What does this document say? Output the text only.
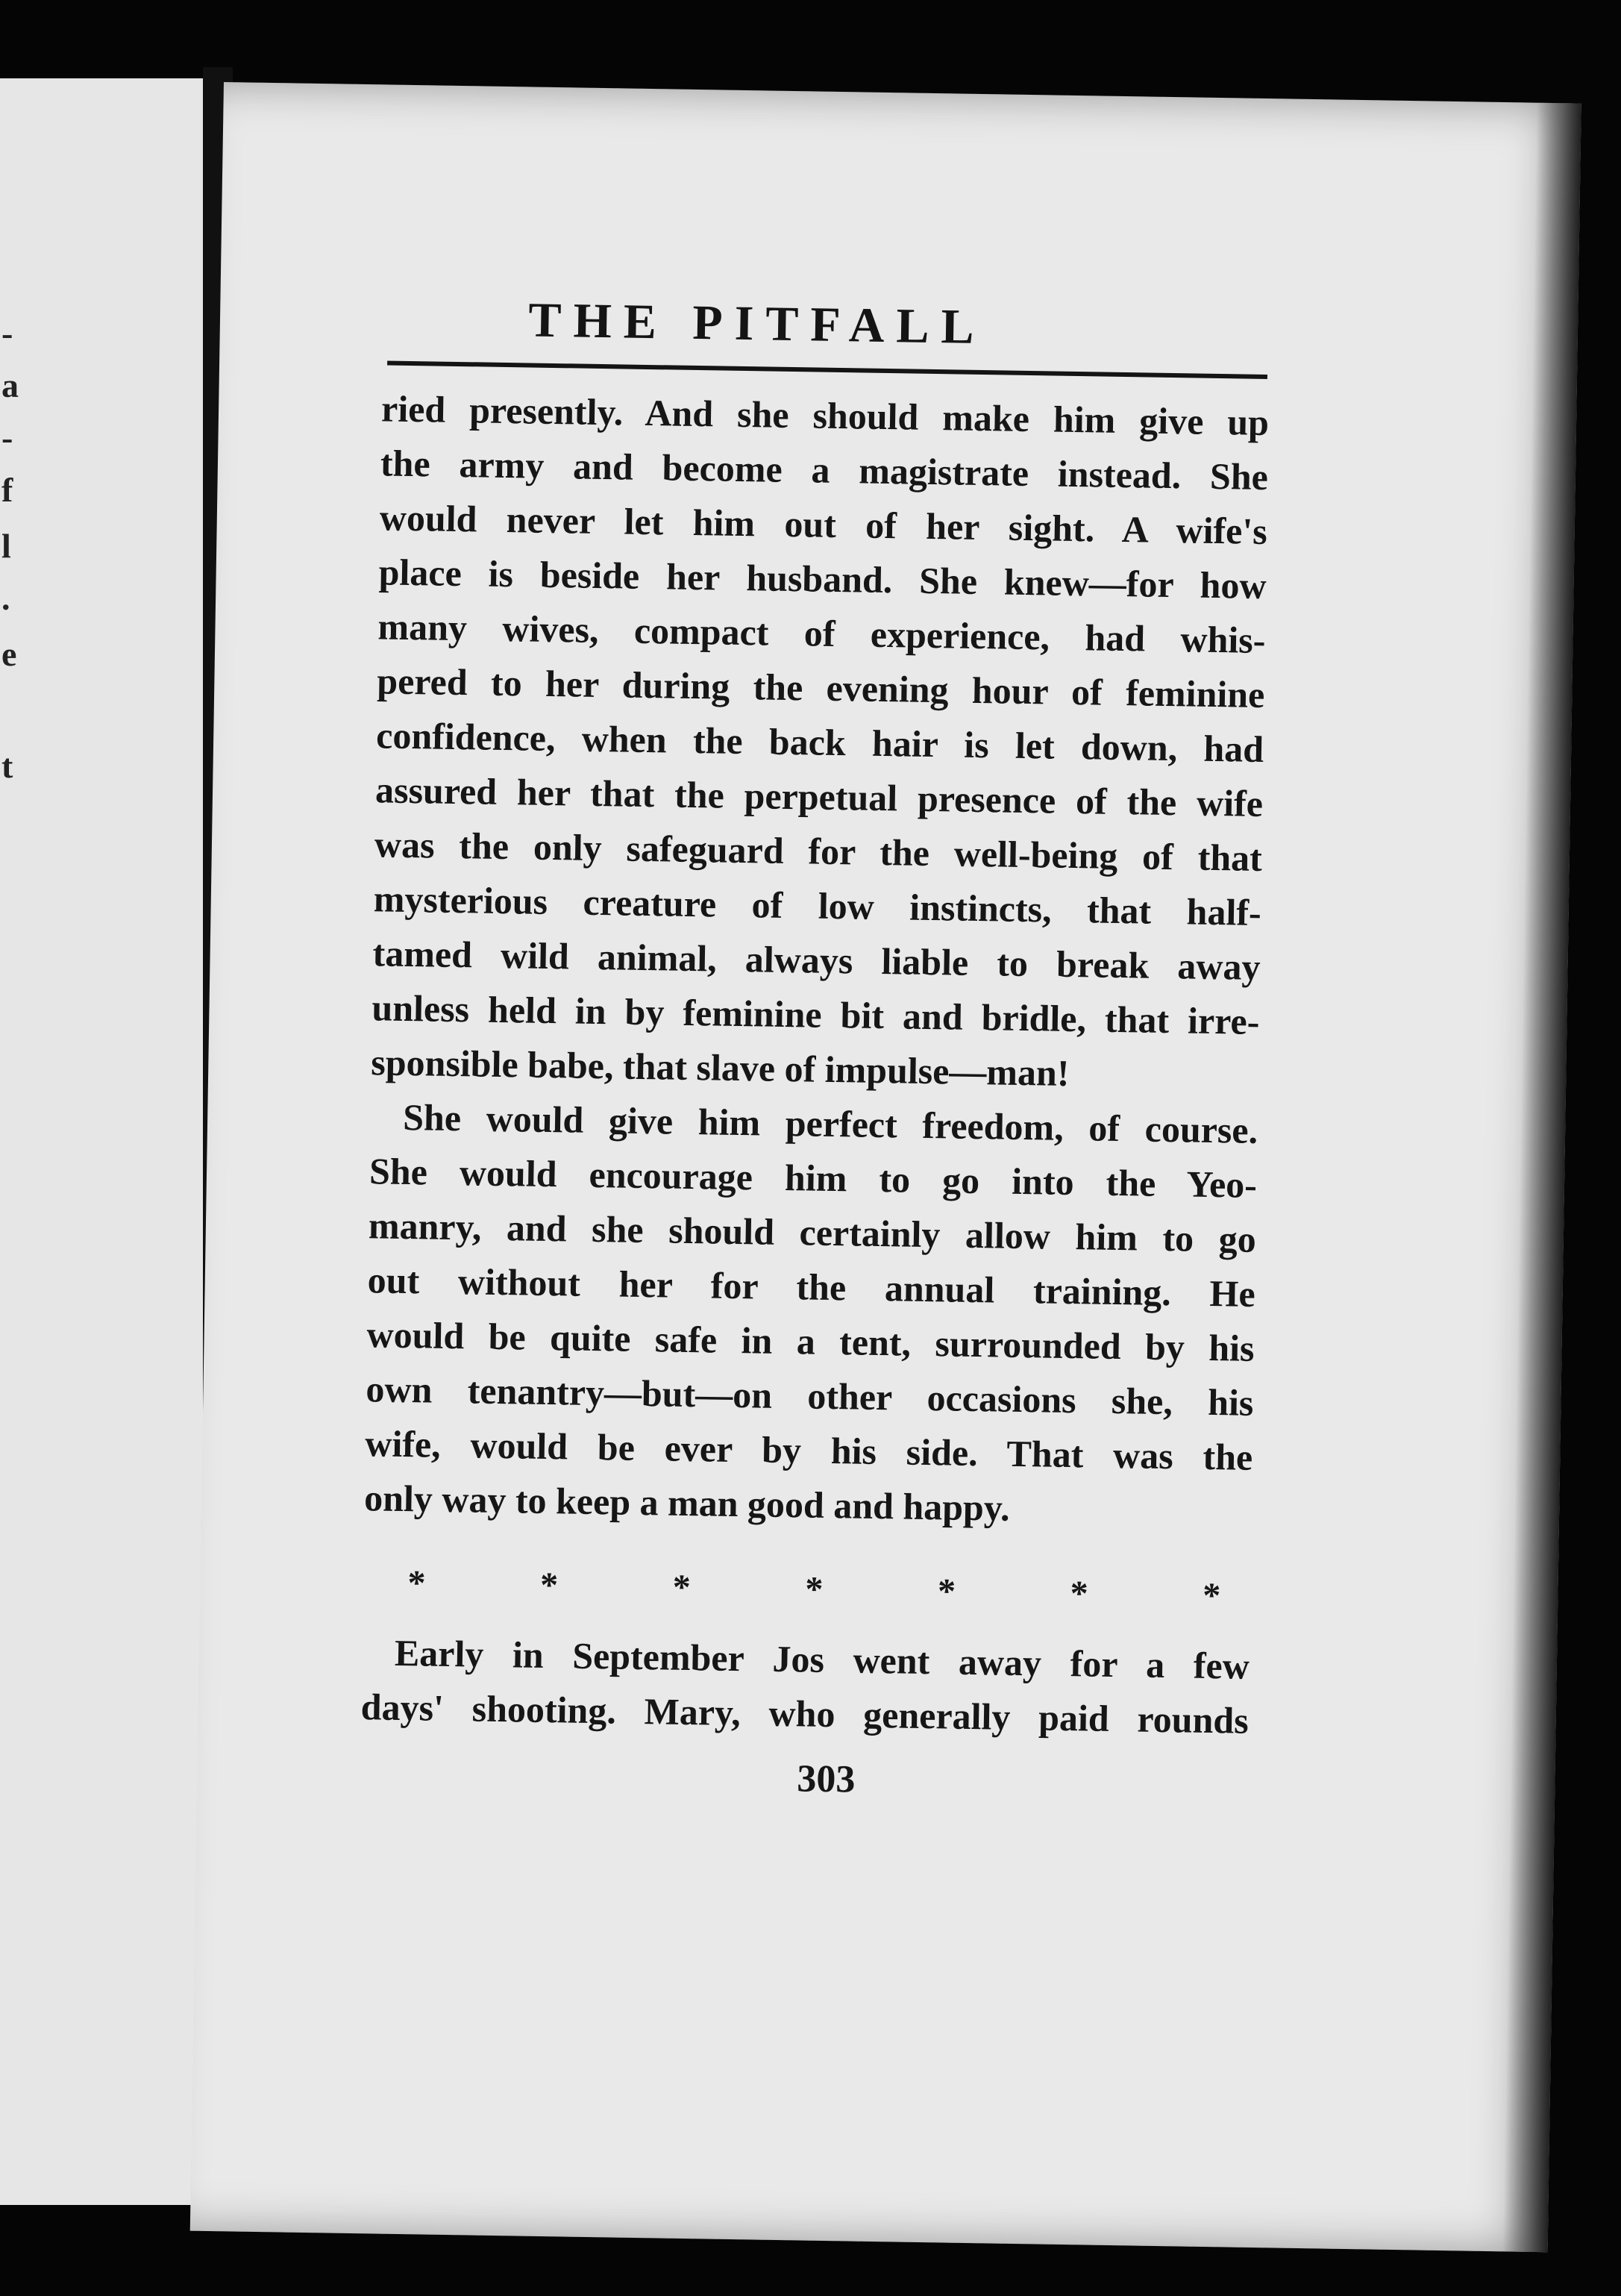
-
a
-
f
l
.
e
t
THE PITFALL
ried presently. And she should make him give up
the army and become a magistrate instead. She
would never let him out of her sight. A wife's
place is beside her husband. She knew—for how
many wives, compact of experience, had whis-
pered to her during the evening hour of feminine
confidence, when the back hair is let down, had
assured her that the perpetual presence of the wife
was the only safeguard for the well-being of that
mysterious creature of low instincts, that half-
tamed wild animal, always liable to break away
unless held in by feminine bit and bridle, that irre-
sponsible babe, that slave of impulse—man!
She would give him perfect freedom, of course.
She would encourage him to go into the Yeo-
manry, and she should certainly allow him to go
out without her for the annual training. He
would be quite safe in a tent, surrounded by his
own tenantry—but—on other occasions she, his
wife, would be ever by his side. That was the
only way to keep a man good and happy.
*	*	*	*	*	*	*
Early in September Jos went away for a few
days' shooting. Mary, who generally paid rounds
303
